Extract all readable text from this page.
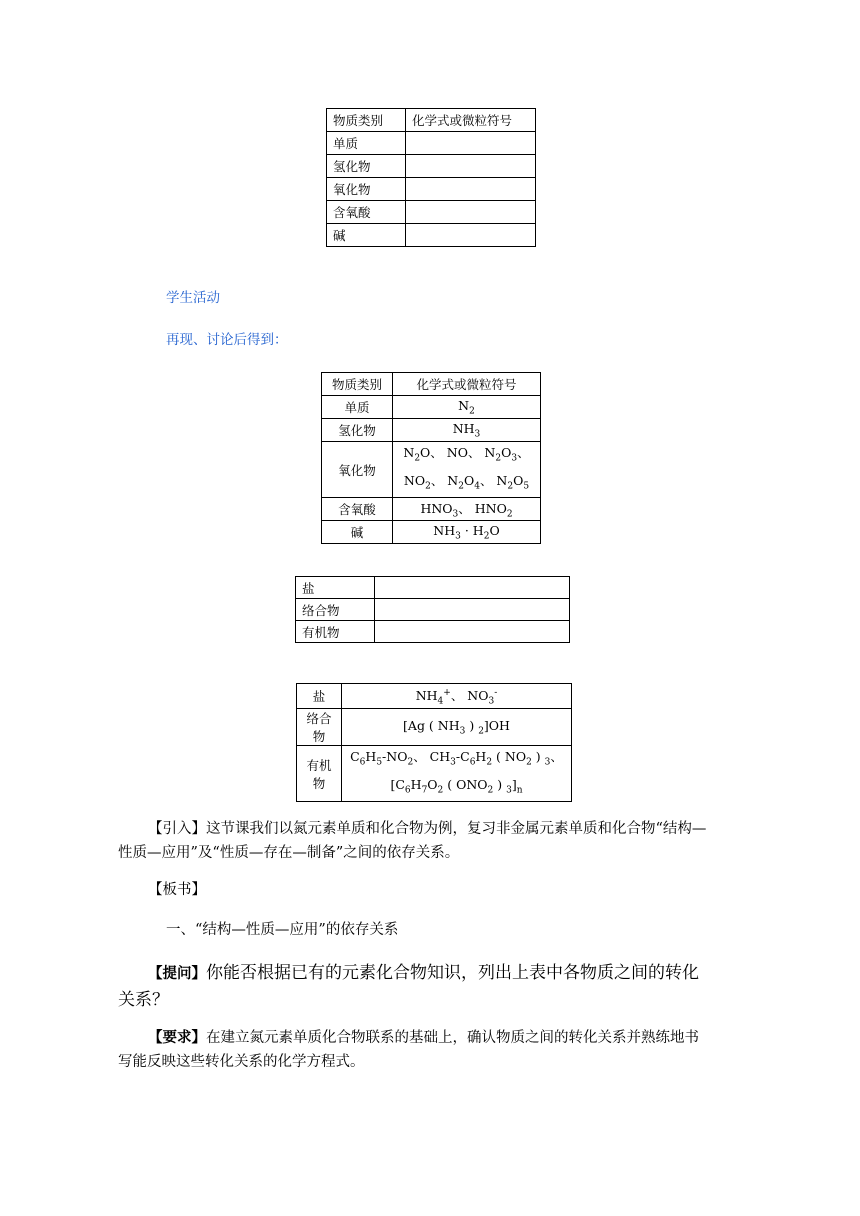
物质类别	化学式或微粒符号
单质	
氢化物	
氧化物	
含氧酸	
碱	
学生活动
再现、讨论后得到：
物质类别	化学式或微粒符号
单质	$N_2$
氢化物	$NH_3$
氧化物	$N_2O$、 NO、 $N_2O_3$、
$NO_2$、 $N_2O_4$、 $N_2O_5$
含氧酸	$HNO_3$、 $HNO_2$
碱	$NH_3 \cdot H_2O$
盐	
络合物	
有机物	
盐	$NH_4^+$、 $NO_3^-$
络合物	[Ag ( $NH_3$ ) $_2$]OH
有机物	$C_6H_5-NO_2$、 $CH_3-C_6H_2$ ( $NO_2$ ) $_3$、
[$C_6H_7O_2$ ( $ONO_2$ ) $_3]_n$
【引入】这节课我们以氮元素单质和化合物为例，复习非金属元素单质和化合物“结构—性质—应用”及“性质—存在—制备”之间的依存关系。
【板书】
一、“结构—性质—应用”的依存关系
【提问】你能否根据已有的元素化合物知识，列出上表中各物质之间的转化关系？
【要求】在建立氮元素单质化合物联系的基础上，确认物质之间的转化关系并熟练地书写能反映这些转化关系的化学方程式。
